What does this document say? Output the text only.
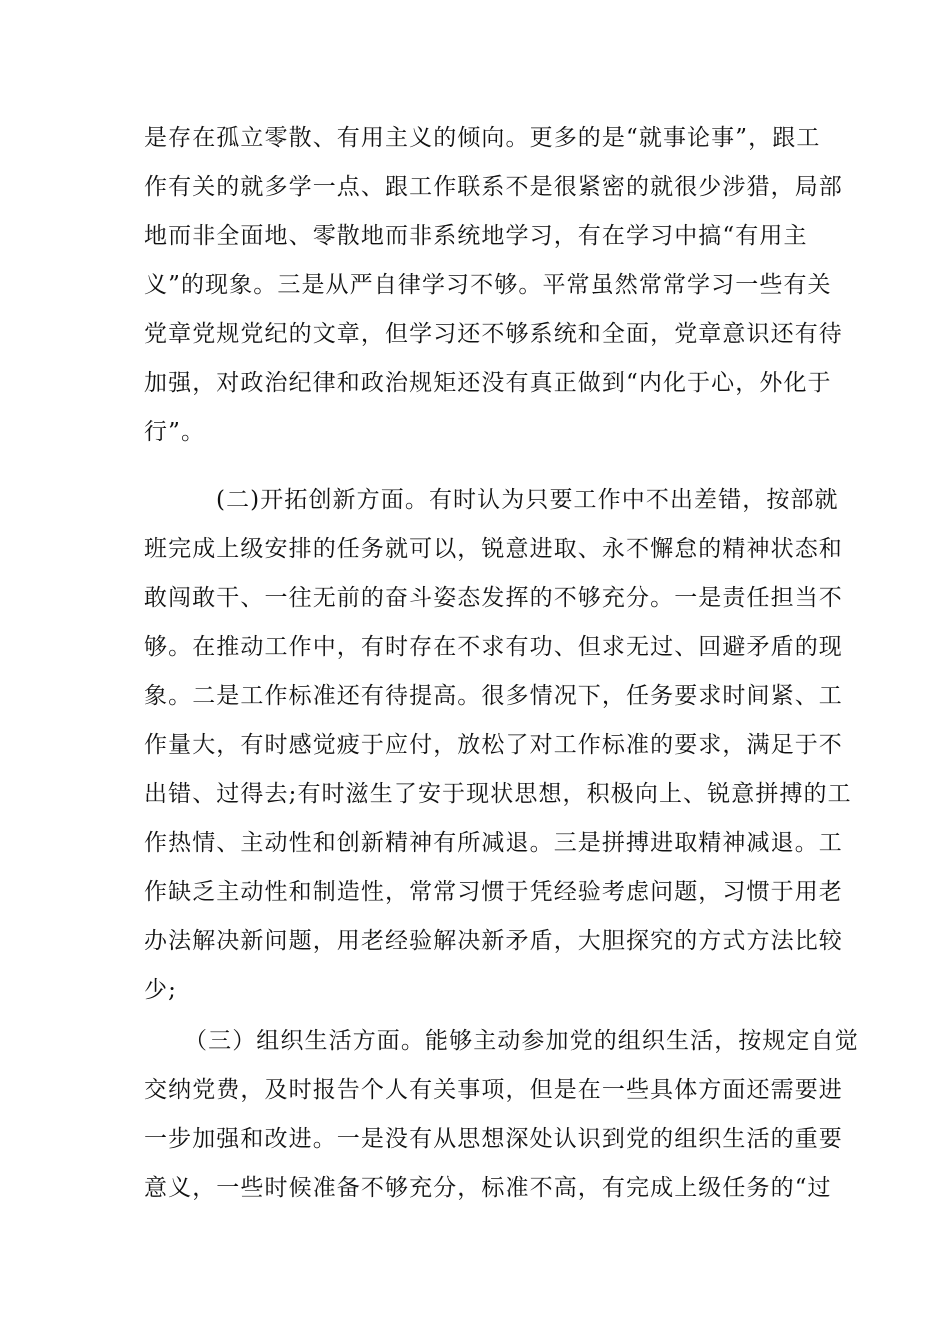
是存在孤立零散、有用主义的倾向。更多的是“就事论事”，跟工
作有关的就多学一点、跟工作联系不是很紧密的就很少涉猎，局部
地而非全面地、零散地而非系统地学习，有在学习中搞“有用主
义”的现象。三是从严自律学习不够。平常虽然常常学习一些有关
党章党规党纪的文章，但学习还不够系统和全面，党章意识还有待
加强，对政治纪律和政治规矩还没有真正做到“内化于心，外化于
行”。
(二)开拓创新方面。有时认为只要工作中不出差错，按部就
班完成上级安排的任务就可以，锐意进取、永不懈怠的精神状态和
敢闯敢干、一往无前的奋斗姿态发挥的不够充分。一是责任担当不
够。在推动工作中，有时存在不求有功、但求无过、回避矛盾的现
象。二是工作标准还有待提高。很多情况下，任务要求时间紧、工
作量大，有时感觉疲于应付，放松了对工作标准的要求，满足于不
出错、过得去;有时滋生了安于现状思想，积极向上、锐意拼搏的工
作热情、主动性和创新精神有所减退。三是拼搏进取精神减退。工
作缺乏主动性和制造性，常常习惯于凭经验考虑问题，习惯于用老
办法解决新问题，用老经验解决新矛盾，大胆探究的方式方法比较
少;
（三）组织生活方面。能够主动参加党的组织生活，按规定自觉
交纳党费，及时报告个人有关事项，但是在一些具体方面还需要进
一步加强和改进。一是没有从思想深处认识到党的组织生活的重要
意义，一些时候准备不够充分，标准不高，有完成上级任务的“过
